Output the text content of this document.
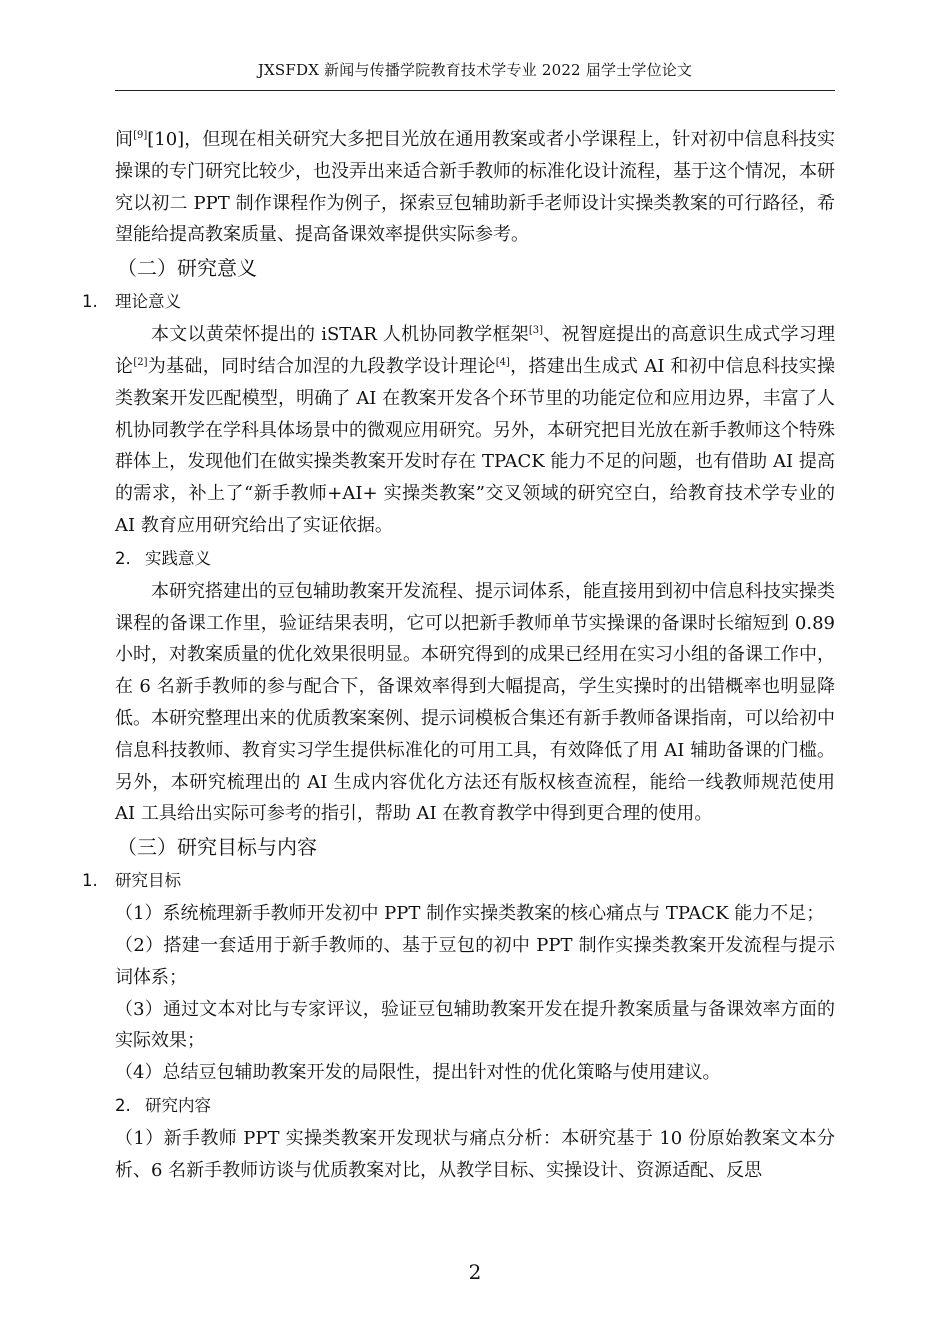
JXSFDX 新闻与传播学院教育技术学专业 2022 届学士学位论文

间[9][10]，但现在相关研究大多把目光放在通用教案或者小学课程上，针对初中信息科技实操课的专门研究比较少，也没弄出来适合新手教师的标准化设计流程，基于这个情况，本研究以初二 PPT 制作课程作为例子，探索豆包辅助新手老师设计实操类教案的可行路径，希望能给提高教案质量、提高备课效率提供实际参考。

（二）研究意义
1. 理论意义

本文以黄荣怀提出的 iSTAR 人机协同教学框架[3]、祝智庭提出的高意识生成式学习理论[2]为基础，同时结合加涅的九段教学设计理论[4]，搭建出生成式 AI 和初中信息科技实操类教案开发匹配模型，明确了 AI 在教案开发各个环节里的功能定位和应用边界，丰富了人机协同教学在学科具体场景中的微观应用研究。另外，本研究把目光放在新手教师这个特殊群体上，发现他们在做实操类教案开发时存在 TPACK 能力不足的问题，也有借助 AI 提高的需求，补上了“新手教师+AI+ 实操类教案”交叉领域的研究空白，给教育技术学专业的 AI 教育应用研究给出了实证依据。

2. 实践意义

本研究搭建出的豆包辅助教案开发流程、提示词体系，能直接用到初中信息科技实操类课程的备课工作里，验证结果表明，它可以把新手教师单节实操课的备课时长缩短到 0.89 小时，对教案质量的优化效果很明显。本研究得到的成果已经用在实习小组的备课工作中，在 6 名新手教师的参与配合下，备课效率得到大幅提高，学生实操时的出错概率也明显降低。本研究整理出来的优质教案案例、提示词模板合集还有新手教师备课指南，可以给初中信息科技教师、教育实习学生提供标准化的可用工具，有效降低了用 AI 辅助备课的门槛。另外，本研究梳理出的 AI 生成内容优化方法还有版权核查流程，能给一线教师规范使用 AI 工具给出实际可参考的指引，帮助 AI 在教育教学中得到更合理的使用。

（三）研究目标与内容
1. 研究目标

（1）系统梳理新手教师开发初中 PPT 制作实操类教案的核心痛点与 TPACK 能力不足；

（2）搭建一套适用于新手教师的、基于豆包的初中 PPT 制作实操类教案开发流程与提示词体系；

（3）通过文本对比与专家评议，验证豆包辅助教案开发在提升教案质量与备课效率方面的实际效果；

（4）总结豆包辅助教案开发的局限性，提出针对性的优化策略与使用建议。

2. 研究内容

（1）新手教师 PPT 实操类教案开发现状与痛点分析：本研究基于 10 份原始教案文本分析、6 名新手教师访谈与优质教案对比，从教学目标、实操设计、资源适配、反思

2
